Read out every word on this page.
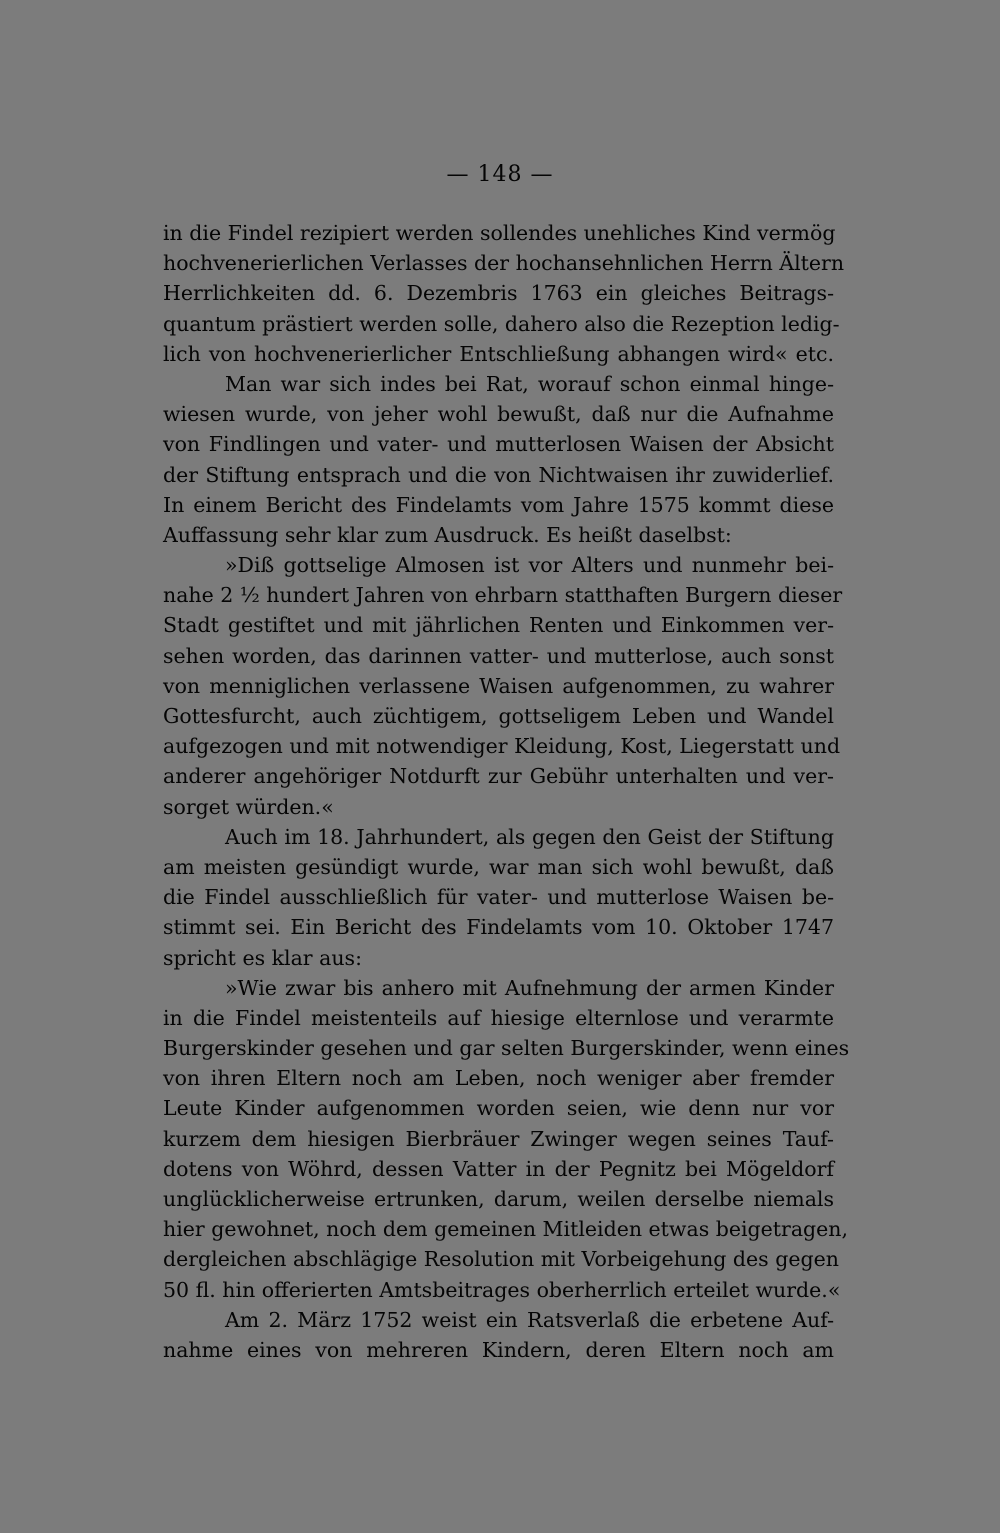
— 148 —
in die Findel rezipiert werden sollendes unehliches Kind vermög
hochvenerierlichen Verlasses der hochansehnlichen Herrn Ältern
Herrlichkeiten dd. 6. Dezembris 1763 ein gleiches Beitrags-
quantum prästiert werden solle, dahero also die Rezeption ledig-
lich von hochvenerierlicher Entschließung abhangen wird« etc.
Man war sich indes bei Rat, worauf schon einmal hinge-
wiesen wurde, von jeher wohl bewußt, daß nur die Aufnahme
von Findlingen und vater- und mutterlosen Waisen der Absicht
der Stiftung entsprach und die von Nichtwaisen ihr zuwiderlief.
In einem Bericht des Findelamts vom Jahre 1575 kommt diese
Auffassung sehr klar zum Ausdruck. Es heißt daselbst:
»Diß gottselige Almosen ist vor Alters und nunmehr bei-
nahe 2 ½ hundert Jahren von ehrbarn statthaften Burgern dieser
Stadt gestiftet und mit jährlichen Renten und Einkommen ver-
sehen worden, das darinnen vatter- und mutterlose, auch sonst
von menniglichen verlassene Waisen aufgenommen, zu wahrer
Gottesfurcht, auch züchtigem, gottseligem Leben und Wandel
aufgezogen und mit notwendiger Kleidung, Kost, Liegerstatt und
anderer angehöriger Notdurft zur Gebühr unterhalten und ver-
sorget würden.«
Auch im 18. Jahrhundert, als gegen den Geist der Stiftung
am meisten gesündigt wurde, war man sich wohl bewußt, daß
die Findel ausschließlich für vater- und mutterlose Waisen be-
stimmt sei. Ein Bericht des Findelamts vom 10. Oktober 1747
spricht es klar aus:
»Wie zwar bis anhero mit Aufnehmung der armen Kinder
in die Findel meistenteils auf hiesige elternlose und verarmte
Burgerskinder gesehen und gar selten Burgerskinder, wenn eines
von ihren Eltern noch am Leben, noch weniger aber fremder
Leute Kinder aufgenommen worden seien, wie denn nur vor
kurzem dem hiesigen Bierbräuer Zwinger wegen seines Tauf-
dotens von Wöhrd, dessen Vatter in der Pegnitz bei Mögeldorf
unglücklicherweise ertrunken, darum, weilen derselbe niemals
hier gewohnet, noch dem gemeinen Mitleiden etwas beigetragen,
dergleichen abschlägige Resolution mit Vorbeigehung des gegen
50 fl. hin offerierten Amtsbeitrages oberherrlich erteilet wurde.«
Am 2. März 1752 weist ein Ratsverlaß die erbetene Auf-
nahme eines von mehreren Kindern, deren Eltern noch am
